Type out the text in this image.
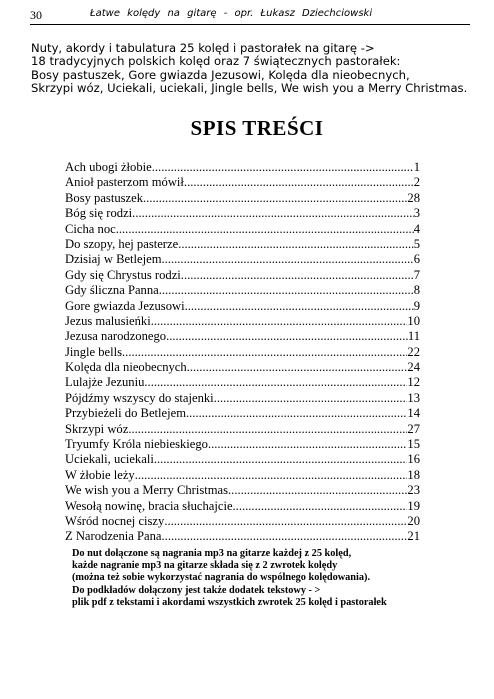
30	Łatwe kolędy na gitarę - opr. Łukasz Dziechciowski
Nuty, akordy i tabulatura 25 kolęd i pastorałek na gitarę ->
18 tradycyjnych polskich kolęd oraz 7 świątecznych pastorałek:
Bosy pastuszek, Gore gwiazda Jezusowi, Kolęda dla nieobecnych,
Skrzypi wóz, Uciekali, uciekali, Jingle bells, We wish you a Merry Christmas.
SPIS TREŚCI
Ach ubogi żłobie .....	1
Anioł pasterzom mówił .....	2
Bosy pastuszek .....	28
Bóg się rodzi .....	3
Cicha noc .....	4
Do szopy, hej pasterze .....	5
Dzisiaj w Betlejem .....	6
Gdy się Chrystus rodzi .....	7
Gdy śliczna Panna .....	8
Gore gwiazda Jezusowi .....	9
Jezus malusieńki .....	10
Jezusa narodzonego .....	11
Jingle bells .....	22
Kolęda dla nieobecnych .....	24
Lulajże Jezuniu .....	12
Pójdźmy wszyscy do stajenki .....	13
Przybieżeli do Betlejem .....	14
Skrzypi wóz .....	27
Tryumfy Króla niebieskiego .....	15
Uciekali, uciekali .....	16
W żłobie leży .....	18
We wish you a Merry Christmas .....	23
Wesołą nowinę, bracia słuchajcie .....	19
Wśród nocnej ciszy .....	20
Z Narodzenia Pana .....	21
Do nut dołączone są nagrania mp3 na gitarze każdej z 25 kolęd,
każde nagranie mp3 na gitarze składa się z 2 zwrotek kolędy
(można też sobie wykorzystać nagrania do wspólnego kolędowania).
Do podkładów dołączony jest także dodatek tekstowy - >
plik pdf z tekstami i akordami wszystkich zwrotek 25 kolęd i pastorałek
